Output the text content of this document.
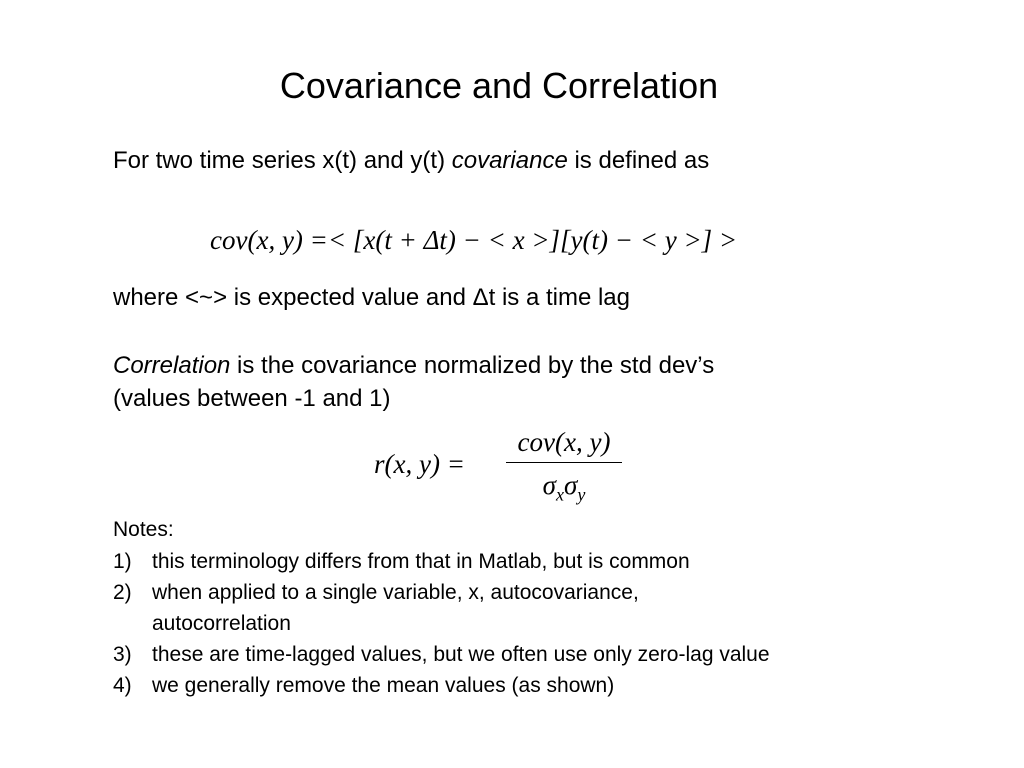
Covariance and Correlation
For two time series x(t) and y(t) covariance is defined as
cov(x, y) =< [x(t + Δt) − < x >][y(t) − < y >] >
where <~> is expected value and Δt is a time lag
Correlation is the covariance normalized by the std dev’s
(values between -1 and 1)
r(x, y) =
cov(x, y)
$\sigma_x\sigma_y$
Notes:
1) this terminology differs from that in Matlab, but is common
2) when applied to a single variable, x, autocovariance, autocorrelation
3) these are time-lagged values, but we often use only zero-lag value
4) we generally remove the mean values (as shown)
